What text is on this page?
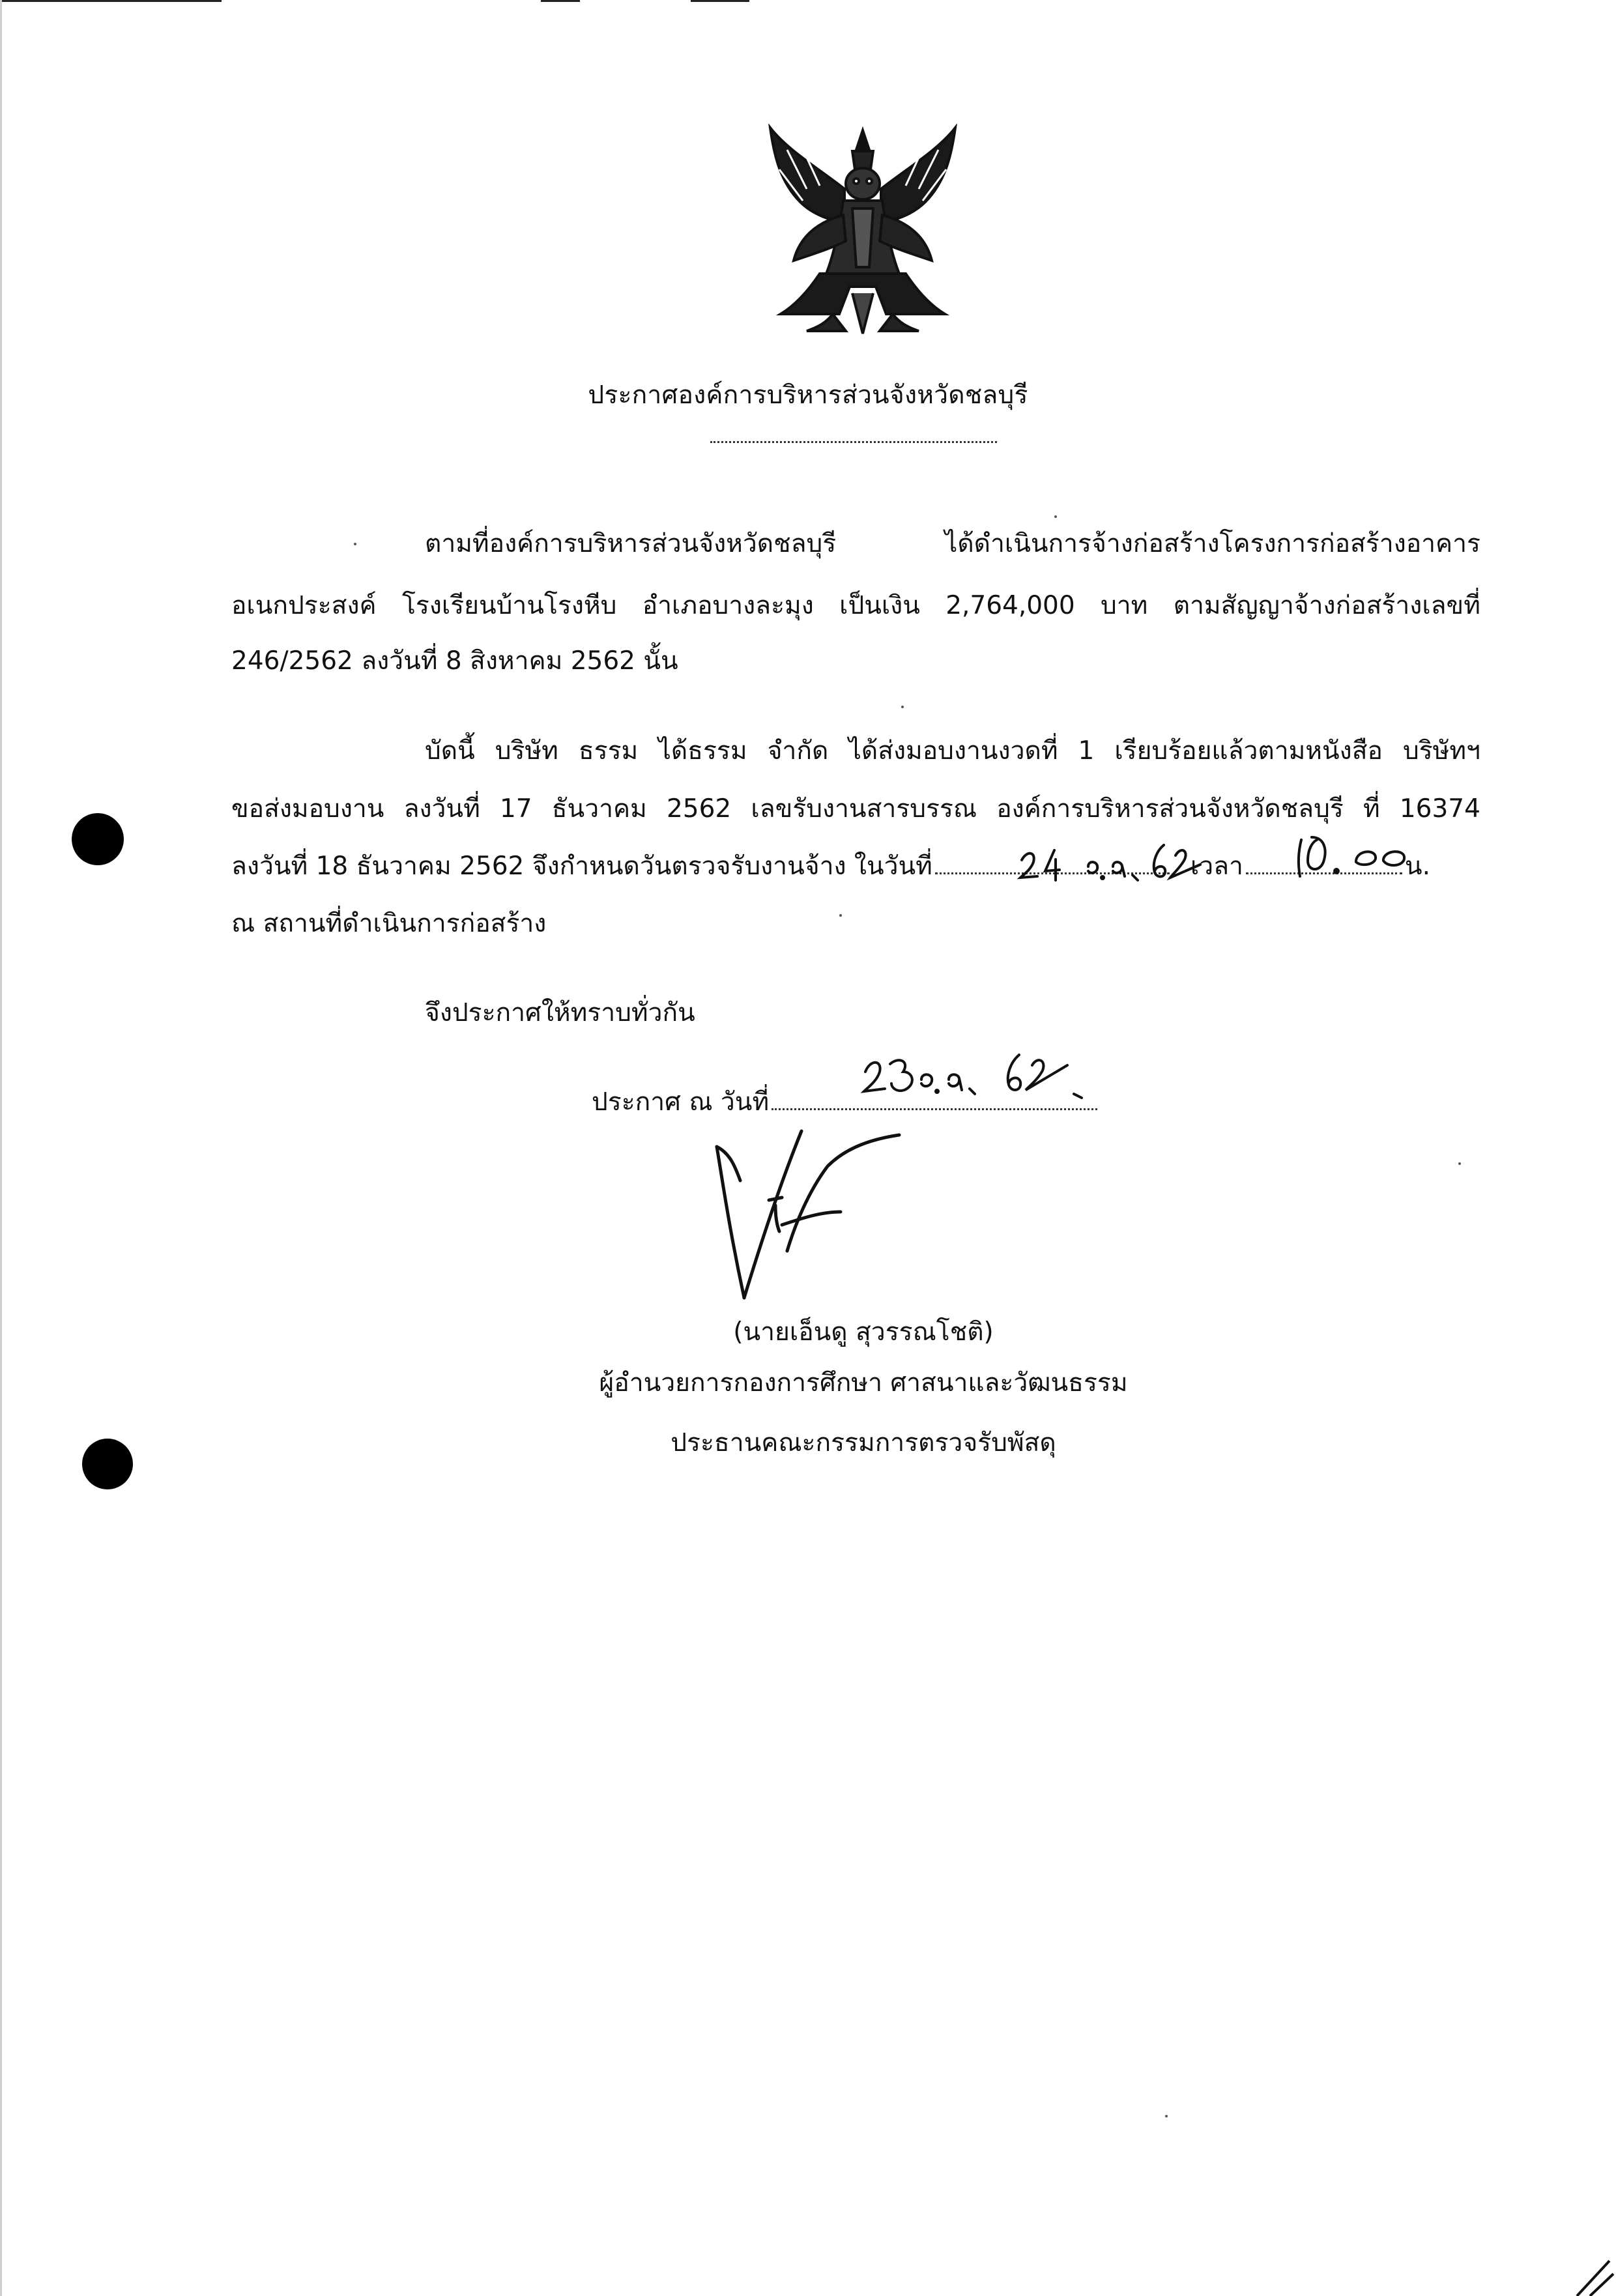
ประกาศองค์การบริหารส่วนจังหวัดชลบุรี
ตามที่องค์การบริหารส่วนจังหวัดชลบุรี	ได้ดำเนินการจ้างก่อสร้างโครงการก่อสร้างอาคาร
อเนกประสงค์ โรงเรียนบ้านโรงหีบ อำเภอบางละมุง เป็นเงิน 2,764,000 บาท ตามสัญญาจ้างก่อสร้างเลขที่
246/2562 ลงวันที่ 8 สิงหาคม 2562 นั้น
บัดนี้ บริษัท ธรรม ได้ธรรม จำกัด ได้ส่งมอบงานงวดที่ 1 เรียบร้อยแล้วตามหนังสือ บริษัทฯ
ขอส่งมอบงาน ลงวันที่ 17 ธันวาคม 2562 เลขรับงานสารบรรณ องค์การบริหารส่วนจังหวัดชลบุรี ที่ 16374
ลงวันที่ 18 ธันวาคม 2562 จึงกำหนดวันตรวจรับงานจ้าง ในวันที่	เวลา	น.
ณ สถานที่ดำเนินการก่อสร้าง
จึงประกาศให้ทราบทั่วกัน
ประกาศ ณ วันที่
(นายเอ็นดู สุวรรณโชติ)
ผู้อำนวยการกองการศึกษา ศาสนาและวัฒนธรรม
ประธานคณะกรรมการตรวจรับพัสดุ
